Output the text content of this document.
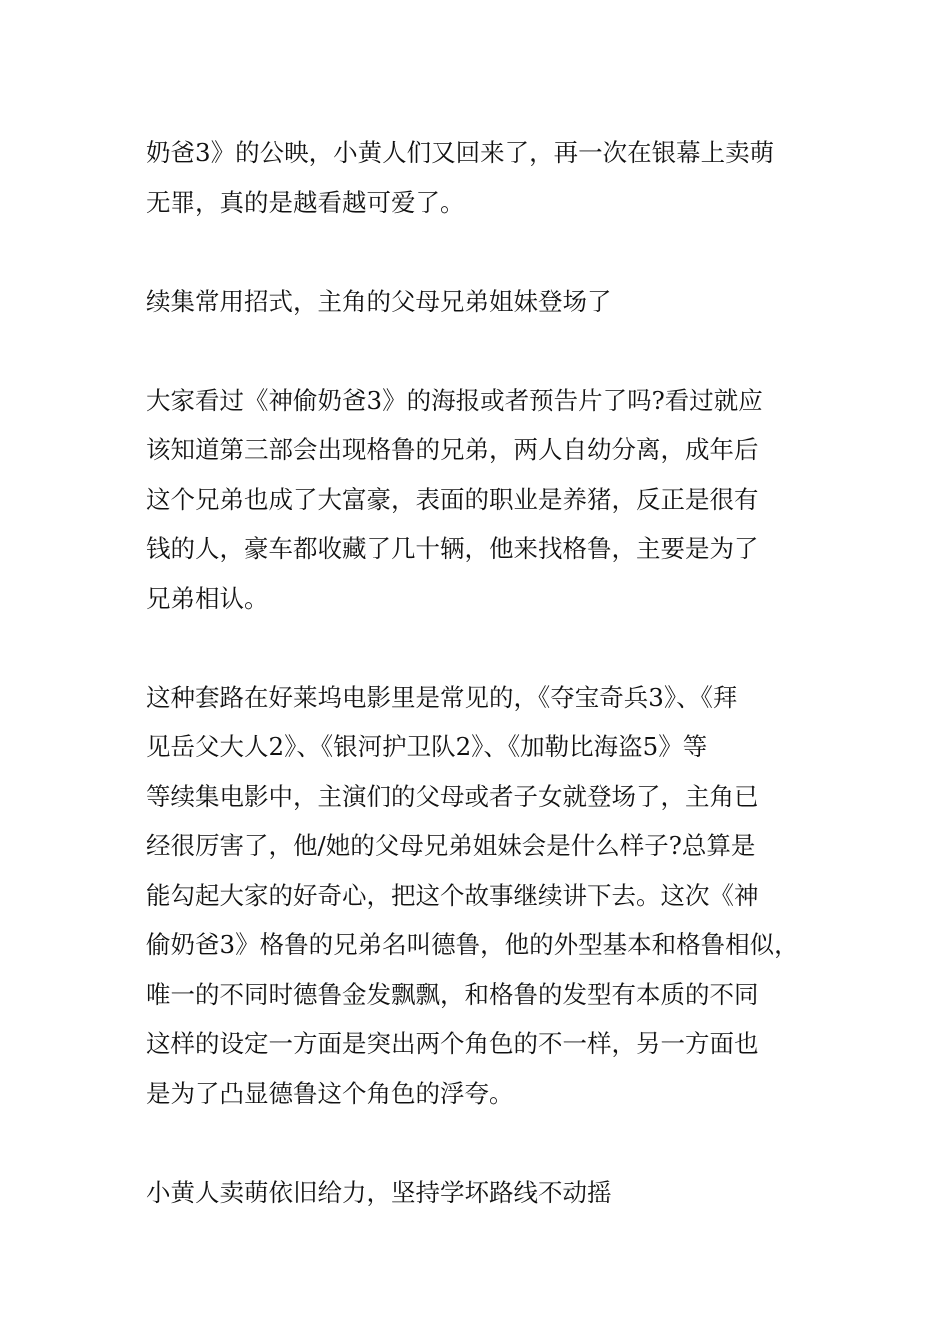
奶爸3》的公映，小黄人们又回来了，再一次在银幕上卖萌
无罪，真的是越看越可爱了。

续集常用招式，主角的父母兄弟姐妹登场了

大家看过《神偷奶爸3》的海报或者预告片了吗?看过就应
该知道第三部会出现格鲁的兄弟，两人自幼分离，成年后
这个兄弟也成了大富豪，表面的职业是养猪，反正是很有
钱的人，豪车都收藏了几十辆，他来找格鲁，主要是为了
兄弟相认。

这种套路在好莱坞电影里是常见的，《夺宝奇兵3》、《拜
见岳父大人2》、《银河护卫队2》、《加勒比海盗5》等
等续集电影中，主演们的父母或者子女就登场了，主角已
经很厉害了，他/她的父母兄弟姐妹会是什么样子?总算是
能勾起大家的好奇心，把这个故事继续讲下去。这次《神
偷奶爸3》格鲁的兄弟名叫德鲁，他的外型基本和格鲁相似，
唯一的不同时德鲁金发飘飘，和格鲁的发型有本质的不同
这样的设定一方面是突出两个角色的不一样，另一方面也
是为了凸显德鲁这个角色的浮夸。

小黄人卖萌依旧给力，坚持学坏路线不动摇
